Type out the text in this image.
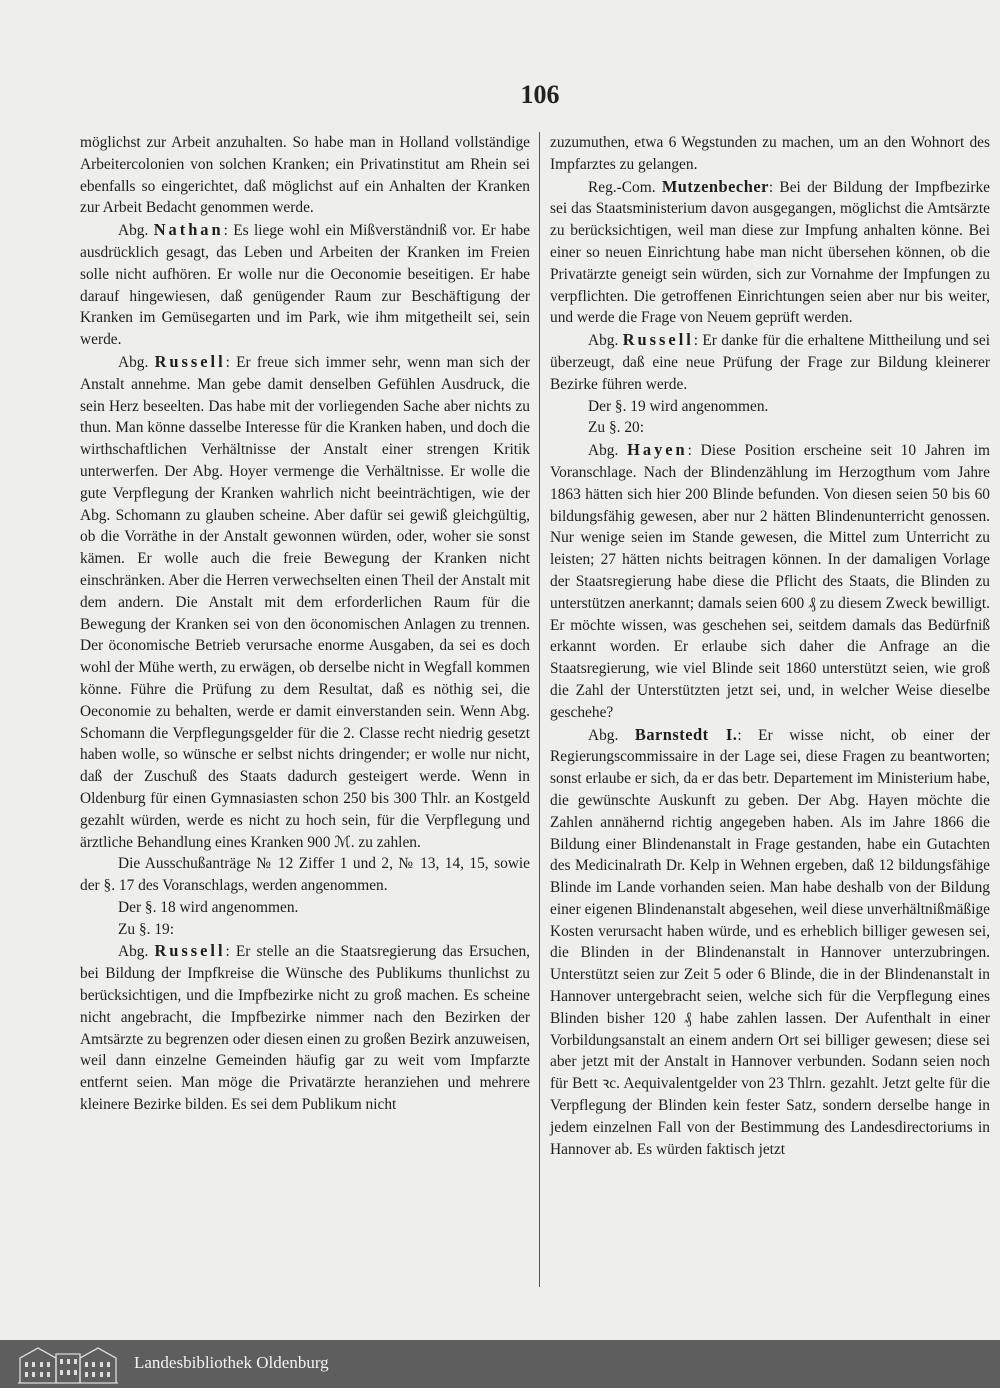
106

möglichst zur Arbeit anzuhalten. So habe man in Holland vollständige Arbeitercolonien von solchen Kranken; ein Privatinstitut am Rhein sei ebenfalls so eingerichtet, daß möglichst auf ein Anhalten der Kranken zur Arbeit Bedacht genommen werde.

Abg. Nathan: Es liege wohl ein Mißverständniß vor. Er habe ausdrücklich gesagt, das Leben und Arbeiten der Kranken im Freien solle nicht aufhören. Er wolle nur die Oeconomie beseitigen. Er habe darauf hingewiesen, daß genügender Raum zur Beschäftigung der Kranken im Gemüsegarten und im Park, wie ihm mitgetheilt sei, sein werde.

Abg. Russell: Er freue sich immer sehr, wenn man sich der Anstalt annehme. Man gebe damit denselben Gefühlen Ausdruck, die sein Herz beseelten. Das habe mit der vorliegenden Sache aber nichts zu thun. Man könne dasselbe Interesse für die Kranken haben, und doch die wirthschaftlichen Verhältnisse der Anstalt einer strengen Kritik unterwerfen. Der Abg. Hoyer vermenge die Verhältnisse. Er wolle die gute Verpflegung der Kranken wahrlich nicht beeinträchtigen, wie der Abg. Schomann zu glauben scheine. Aber dafür sei gewiß gleichgültig, ob die Vorräthe in der Anstalt gewonnen würden, oder, woher sie sonst kämen. Er wolle auch die freie Bewegung der Kranken nicht einschränken. Aber die Herren verwechselten einen Theil der Anstalt mit dem andern. Die Anstalt mit dem erforderlichen Raum für die Bewegung der Kranken sei von den öconomischen Anlagen zu trennen. Der öconomische Betrieb verursache enorme Ausgaben, da sei es doch wohl der Mühe werth, zu erwägen, ob derselbe nicht in Wegfall kommen könne. Führe die Prüfung zu dem Resultat, daß es nöthig sei, die Oeconomie zu behalten, werde er damit einverstanden sein. Wenn Abg. Schomann die Verpflegungsgelder für die 2. Classe recht niedrig gesetzt haben wolle, so wünsche er selbst nichts dringender; er wolle nur nicht, daß der Zuschuß des Staats dadurch gesteigert werde. Wenn in Oldenburg für einen Gymnasiasten schon 250 bis 300 Thlr. an Kostgeld gezahlt würden, werde es nicht zu hoch sein, für die Verpflegung und ärztliche Behandlung eines Kranken 900 ℳ. zu zahlen.

Die Ausschußanträge № 12 Ziffer 1 und 2, № 13, 14, 15, sowie der §. 17 des Voranschlags, werden angenommen.

Der §. 18 wird angenommen.

Zu §. 19:

Abg. Russell: Er stelle an die Staatsregierung das Ersuchen, bei Bildung der Impfkreise die Wünsche des Publikums thunlichst zu berücksichtigen, und die Impfbezirke nicht zu groß machen. Es scheine nicht angebracht, die Impfbezirke nimmer nach den Bezirken der Amtsärzte zu begrenzen oder diesen einen zu großen Bezirk anzuweisen, weil dann einzelne Gemeinden häufig gar zu weit vom Impfarzte entfernt seien. Man möge die Privatärzte heranziehen und mehrere kleinere Bezirke bilden. Es sei dem Publikum nicht

zuzumuthen, etwa 6 Wegstunden zu machen, um an den Wohnort des Impfarztes zu gelangen.

Reg.-Com. Mutzenbecher: Bei der Bildung der Impfbezirke sei das Staatsministerium davon ausgegangen, möglichst die Amtsärzte zu berücksichtigen, weil man diese zur Impfung anhalten könne. Bei einer so neuen Einrichtung habe man nicht übersehen können, ob die Privatärzte geneigt sein würden, sich zur Vornahme der Impfungen zu verpflichten. Die getroffenen Einrichtungen seien aber nur bis weiter, und werde die Frage von Neuem geprüft werden.

Abg. Russell: Er danke für die erhaltene Mittheilung und sei überzeugt, daß eine neue Prüfung der Frage zur Bildung kleinerer Bezirke führen werde.

Der §. 19 wird angenommen.

Zu §. 20:

Abg. Hayen: Diese Position erscheine seit 10 Jahren im Voranschlage. Nach der Blindenzählung im Herzogthum vom Jahre 1863 hätten sich hier 200 Blinde befunden. Von diesen seien 50 bis 60 bildungsfähig gewesen, aber nur 2 hätten Blindenunterricht genossen. Nur wenige seien im Stande gewesen, die Mittel zum Unterricht zu leisten; 27 hätten nichts beitragen können. In der damaligen Vorlage der Staatsregierung habe diese die Pflicht des Staats, die Blinden zu unterstützen anerkannt; damals seien 600 ₰ zu diesem Zweck bewilligt. Er möchte wissen, was geschehen sei, seitdem damals das Bedürfniß erkannt worden. Er erlaube sich daher die Anfrage an die Staatsregierung, wie viel Blinde seit 1860 unterstützt seien, wie groß die Zahl der Unterstützten jetzt sei, und, in welcher Weise dieselbe geschehe?

Abg. Barnstedt I.: Er wisse nicht, ob einer der Regierungscommissaire in der Lage sei, diese Fragen zu beantworten; sonst erlaube er sich, da er das betr. Departement im Ministerium habe, die gewünschte Auskunft zu geben. Der Abg. Hayen möchte die Zahlen annähernd richtig angegeben haben. Als im Jahre 1866 die Bildung einer Blindenanstalt in Frage gestanden, habe ein Gutachten des Medicinalrath Dr. Kelp in Wehnen ergeben, daß 12 bildungsfähige Blinde im Lande vorhanden seien. Man habe deshalb von der Bildung einer eigenen Blindenanstalt abgesehen, weil diese unverhältnißmäßige Kosten verursacht haben würde, und es erheblich billiger gewesen sei, die Blinden in der Blindenanstalt in Hannover unterzubringen. Unterstützt seien zur Zeit 5 oder 6 Blinde, die in der Blindenanstalt in Hannover untergebracht seien, welche sich für die Verpflegung eines Blinden bisher 120 ₰ habe zahlen lassen. Der Aufenthalt in einer Vorbildungsanstalt an einem andern Ort sei billiger gewesen; diese sei aber jetzt mit der Anstalt in Hannover verbunden. Sodann seien noch für Bett ꝛc. Aequivalentgelder von 23 Thlrn. gezahlt. Jetzt gelte für die Verpflegung der Blinden kein fester Satz, sondern derselbe hange in jedem einzelnen Fall von der Bestimmung des Landesdirectoriums in Hannover ab. Es würden faktisch jetzt

Landesbibliothek Oldenburg
